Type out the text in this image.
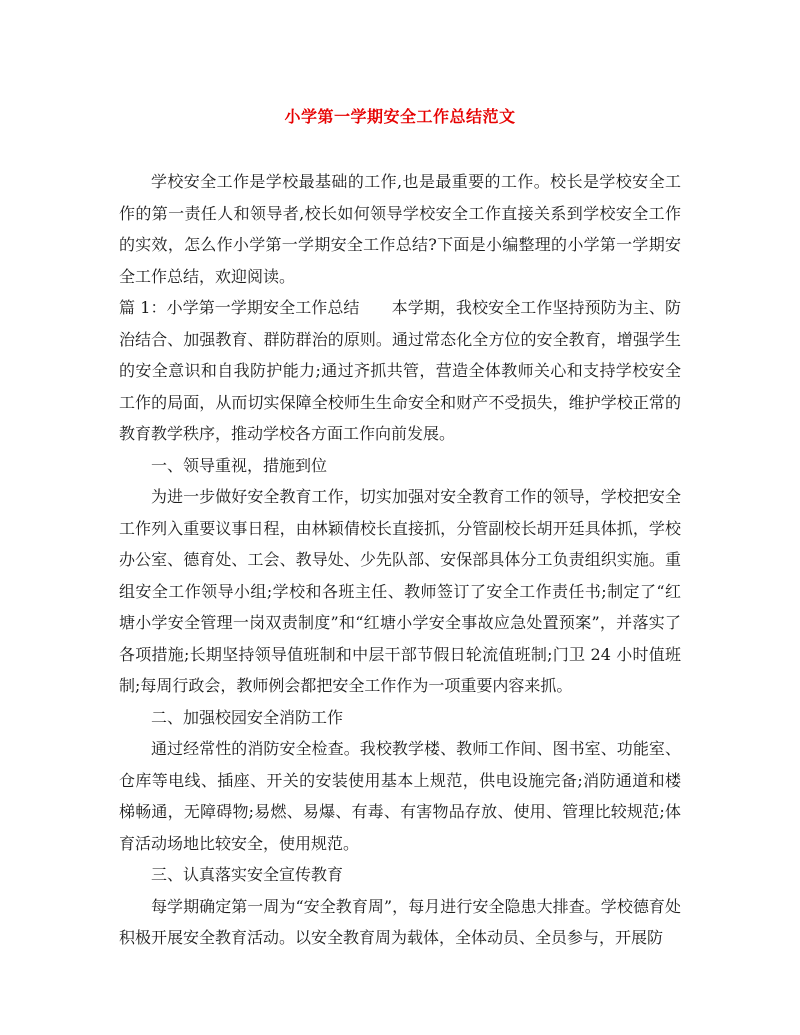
小学第一学期安全工作总结范文

学校安全工作是学校最基础的工作,也是最重要的工作。校长是学校安全工作的第一责任人和领导者,校长如何领导学校安全工作直接关系到学校安全工作的实效，怎么作小学第一学期安全工作总结?下面是小编整理的小学第一学期安全工作总结，欢迎阅读。

篇 1：小学第一学期安全工作总结　　本学期，我校安全工作坚持预防为主、防治结合、加强教育、群防群治的原则。通过常态化全方位的安全教育，增强学生的安全意识和自我防护能力;通过齐抓共管，营造全体教师关心和支持学校安全工作的局面，从而切实保障全校师生生命安全和财产不受损失，维护学校正常的教育教学秩序，推动学校各方面工作向前发展。

一、领导重视，措施到位

为进一步做好安全教育工作，切实加强对安全教育工作的领导，学校把安全工作列入重要议事日程，由林颖倩校长直接抓，分管副校长胡开廷具体抓，学校办公室、德育处、工会、教导处、少先队部、安保部具体分工负责组织实施。重组安全工作领导小组;学校和各班主任、教师签订了安全工作责任书;制定了“红塘小学安全管理一岗双责制度”和“红塘小学安全事故应急处置预案”，并落实了各项措施;长期坚持领导值班制和中层干部节假日轮流值班制;门卫 24 小时值班制;每周行政会，教师例会都把安全工作作为一项重要内容来抓。

二、加强校园安全消防工作

通过经常性的消防安全检查。我校教学楼、教师工作间、图书室、功能室、仓库等电线、插座、开关的安装使用基本上规范，供电设施完备;消防通道和楼梯畅通，无障碍物;易燃、易爆、有毒、有害物品存放、使用、管理比较规范;体育活动场地比较安全，使用规范。

三、认真落实安全宣传教育

每学期确定第一周为“安全教育周”，每月进行安全隐患大排查。学校德育处积极开展安全教育活动。以安全教育周为载体，全体动员、全员参与，开展防
